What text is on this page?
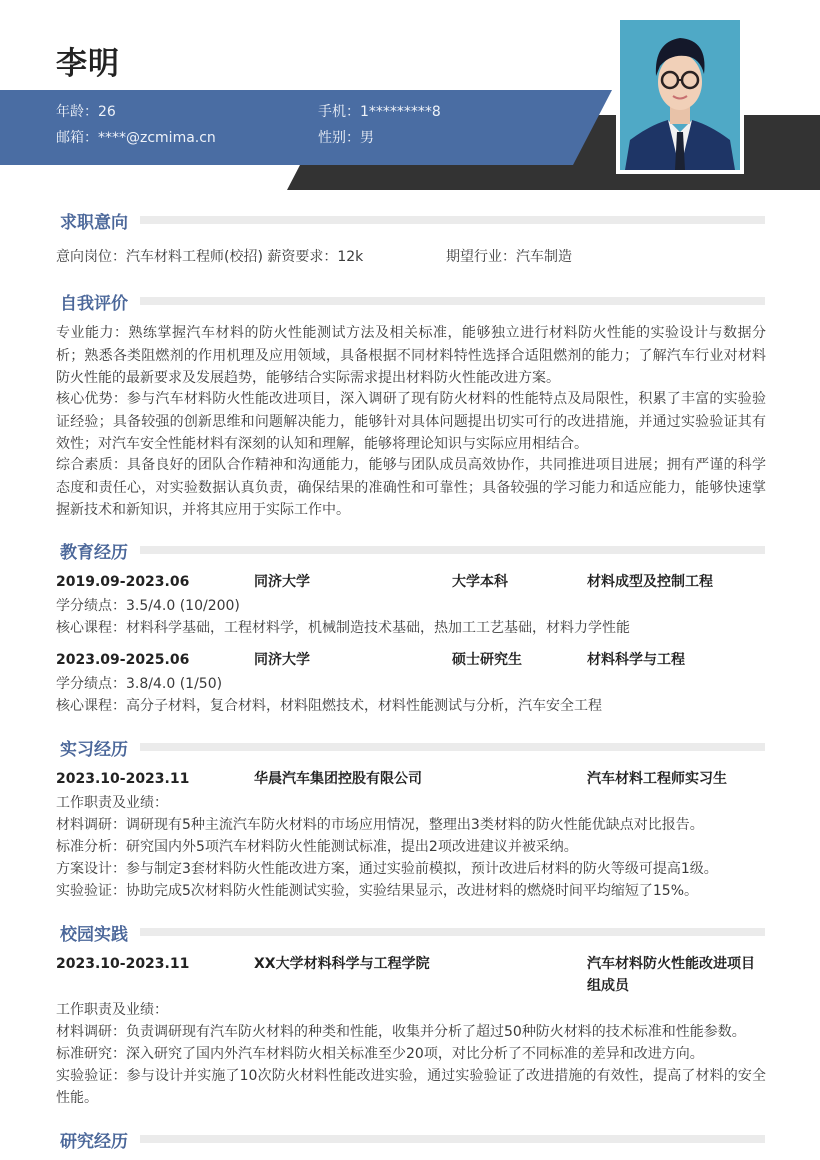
李明
年龄：26	手机：1*********8
邮箱：****@zcmima.cn	性别：男
求职意向
意向岗位：汽车材料工程师(校招) 薪资要求：12k	期望行业：汽车制造
自我评价
专业能力：熟练掌握汽车材料的防火性能测试方法及相关标准，能够独立进行材料防火性能的实验设计与数据分析；熟悉各类阻燃剂的作用机理及应用领域，具备根据不同材料特性选择合适阻燃剂的能力；了解汽车行业对材料防火性能的最新要求及发展趋势，能够结合实际需求提出材料防火性能改进方案。
核心优势：参与汽车材料防火性能改进项目，深入调研了现有防火材料的性能特点及局限性，积累了丰富的实验验证经验；具备较强的创新思维和问题解决能力，能够针对具体问题提出切实可行的改进措施，并通过实验验证其有效性；对汽车安全性能材料有深刻的认知和理解，能够将理论知识与实际应用相结合。
综合素质：具备良好的团队合作精神和沟通能力，能够与团队成员高效协作，共同推进项目进展；拥有严谨的科学态度和责任心，对实验数据认真负责，确保结果的准确性和可靠性；具备较强的学习能力和适应能力，能够快速掌握新技术和新知识，并将其应用于实际工作中。
教育经历
2019.09-2023.06	同济大学	大学本科	材料成型及控制工程
学分绩点：3.5/4.0 (10/200)
核心课程：材料科学基础，工程材料学，机械制造技术基础，热加工工艺基础，材料力学性能
2023.09-2025.06	同济大学	硕士研究生	材料科学与工程
学分绩点：3.8/4.0 (1/50)
核心课程：高分子材料，复合材料，材料阻燃技术，材料性能测试与分析，汽车安全工程
实习经历
2023.10-2023.11	华晨汽车集团控股有限公司	汽车材料工程师实习生
工作职责及业绩：
材料调研：调研现有5种主流汽车防火材料的市场应用情况，整理出3类材料的防火性能优缺点对比报告。
标准分析：研究国内外5项汽车材料防火性能测试标准，提出2项改进建议并被采纳。
方案设计：参与制定3套材料防火性能改进方案，通过实验前模拟，预计改进后材料的防火等级可提高1级。
实验验证：协助完成5次材料防火性能测试实验，实验结果显示，改进材料的燃烧时间平均缩短了15%。
校园实践
2023.10-2023.11	XX大学材料科学与工程学院	汽车材料防火性能改进项目
组成员
工作职责及业绩：
材料调研：负责调研现有汽车防火材料的种类和性能，收集并分析了超过50种防火材料的技术标准和性能参数。
标准研究：深入研究了国内外汽车材料防火相关标准至少20项，对比分析了不同标准的差异和改进方向。
实验验证：参与设计并实施了10次防火材料性能改进实验，通过实验验证了改进措施的有效性，提高了材料的安全性能。
研究经历
